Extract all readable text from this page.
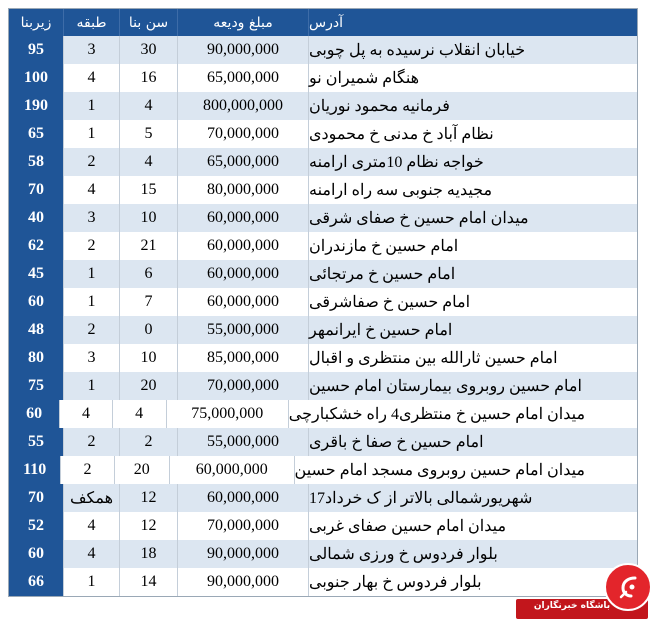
زیربنا	طبقه	سن بنا	مبلغ ودیعه	آدرس
95	3	30	90,000,000	خیابان انقلاب نرسیده به پل چوبی
100	4	16	65,000,000	هنگام شمیران نو
190	1	4	800,000,000	فرمانیه محمود نوریان
65	1	5	70,000,000	نظام آباد خ مدنی خ محمودی
58	2	4	65,000,000	خواجه نظام 10متری ارامنه
70	4	15	80,000,000	مجیدیه جنوبی سه راه ارامنه
40	3	10	60,000,000	میدان امام حسین خ صفای شرقی
62	2	21	60,000,000	امام حسین خ مازندران
45	1	6	60,000,000	امام حسین خ مرتجائی
60	1	7	60,000,000	امام حسین خ صفاشرقی
48	2	0	55,000,000	امام حسین خ ایرانمهر
80	3	10	85,000,000	امام حسین ثارالله بین منتظری و اقبال
75	1	20	70,000,000	امام حسین روبروی بیمارستان امام حسین
60	4	4	75,000,000	میدان امام حسین خ منتظری4 راه خشکبارچی
55	2	2	55,000,000	امام حسین خ صفا خ باقری
110	2	20	60,000,000	میدان امام حسین روبروی مسجد امام حسین
70	همکف	12	60,000,000	شهریورشمالی بالاتر از ک خرداد17
52	4	12	70,000,000	میدان امام حسین صفای غربی
60	4	18	90,000,000	بلوار فردوس خ ورزی شمالی
66	1	14	90,000,000	بلوار فردوس خ بهار جنوبی
باشگاه خبرنگاران
